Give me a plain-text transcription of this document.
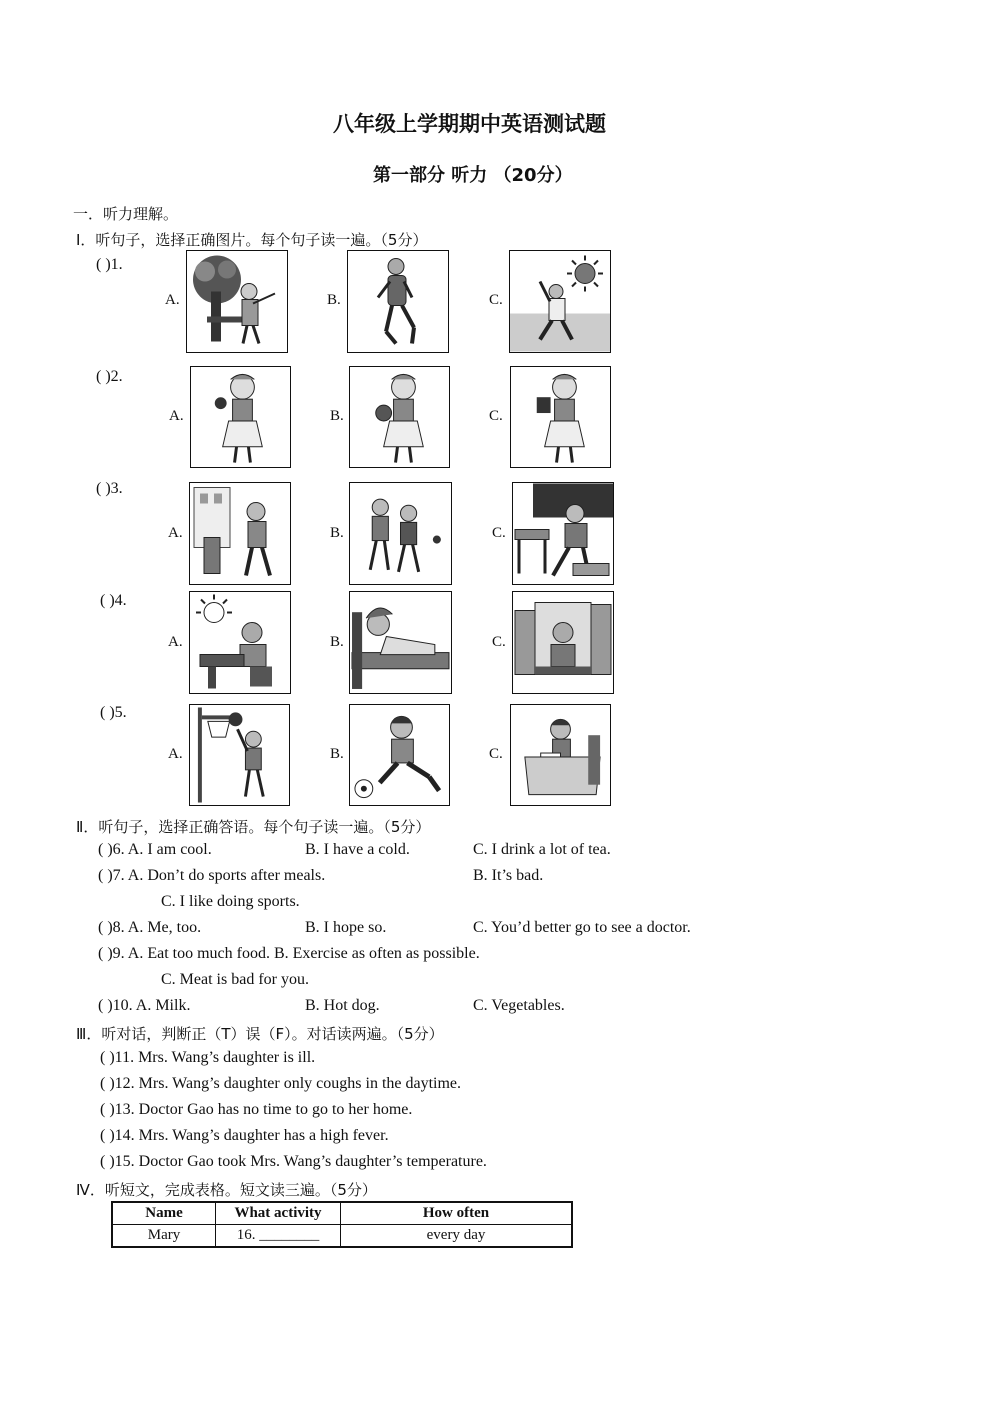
八年级上学期期中英语测试题
第一部分 听力 （20分）
一．听力理解。
Ⅰ．听句子，选择正确图片。每个句子读一遍。（5分）
( )1.
A.	B.	C.
( )2.
A.	B.	C.
( )3.
A.	B.	C.
( )4.
A.	B.	C.
( )5.
A.	B.	C.
Ⅱ．听句子，选择正确答语。每个句子读一遍。（5分）
( )6. A. I am cool.	B. I have a cold.	C. I drink a lot of tea.
( )7. A. Don’t do sports after meals.	B. It’s bad.
C. I like doing sports.
( )8. A. Me, too.	B. I hope so.	C. You’d better go to see a doctor.
( )9. A. Eat too much food. B. Exercise as often as possible.
C. Meat is bad for you.
( )10. A. Milk.	B. Hot dog.	C. Vegetables.
Ⅲ．听对话，判断正（T）误（F）。对话读两遍。（5分）
( )11. Mrs. Wang’s daughter is ill.
( )12. Mrs. Wang’s daughter only coughs in the daytime.
( )13. Doctor Gao has no time to go to her home.
( )14. Mrs. Wang’s daughter has a high fever.
( )15. Doctor Gao took Mrs. Wang’s daughter’s temperature.
Ⅳ．听短文，完成表格。短文读三遍。（5分）
Name	What activity	How often
Mary	16. ________	every day
